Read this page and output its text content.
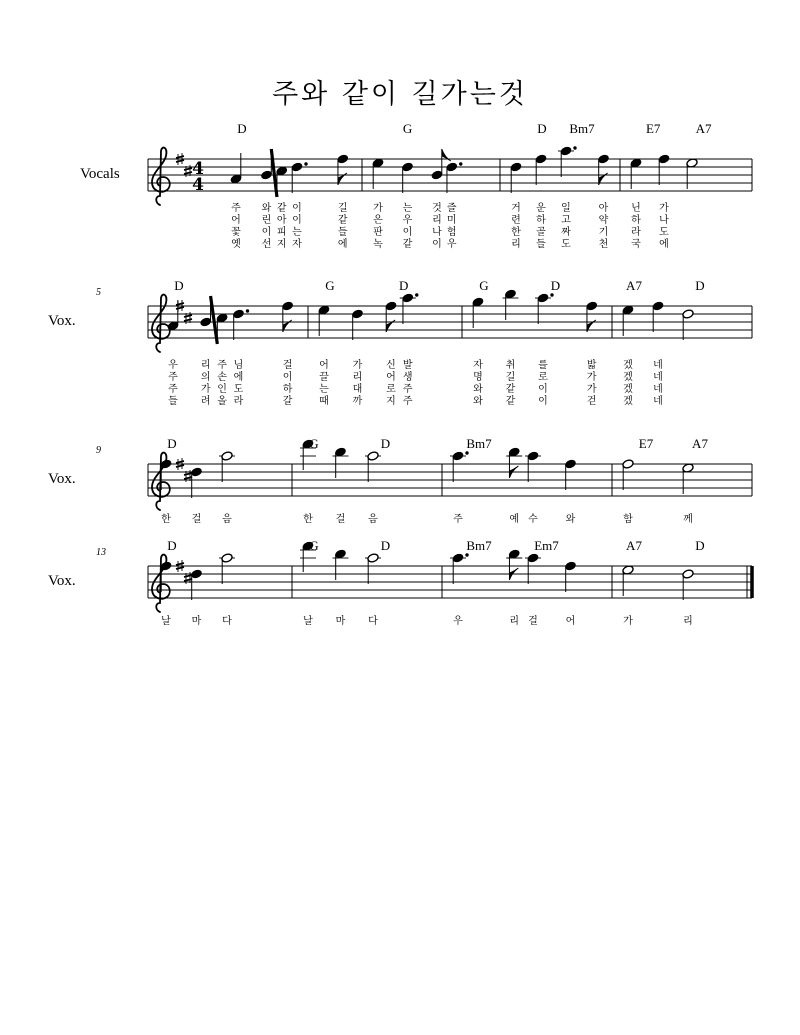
주와 같이 길가는것
4
4
Vocals
D	G	D Bm7	E7	A7
주 와 같 이	길	가 는 것 즐	거 운 일	아 닌 가
어 린 아 이	같	은 우 리 미	련 하 고	약 하 나
꽃 이 피 는	들	판 이 나 험	한 골 짜	기 라 도
옛 선 지 자	에	녹 같 이 우	리 들 도	천 국 에
Vox.
5	D	G	D	G	D	A7	D
우 리 주 님	걸	어 가 신 발	자 취 를	밟	겠 네
주 의 손 에	이	끌 리 어 생	명 길 로	가	겠 네
주 가 인 도	하	는 대 로 주	와 같 이	가	겠 네
들 려 올 라	갈	때 까 지 주	와 같 이	걷	겠 네
Vox.
9	D	G	D	Bm7	E7	A7
한 걸 음	한 걸 음	주	예 수	와	함	께
Vox.
13	D	G	D	Bm7	Em7	A7	D
날 마 다	날 마 다	우	리 걸	어	가	리
